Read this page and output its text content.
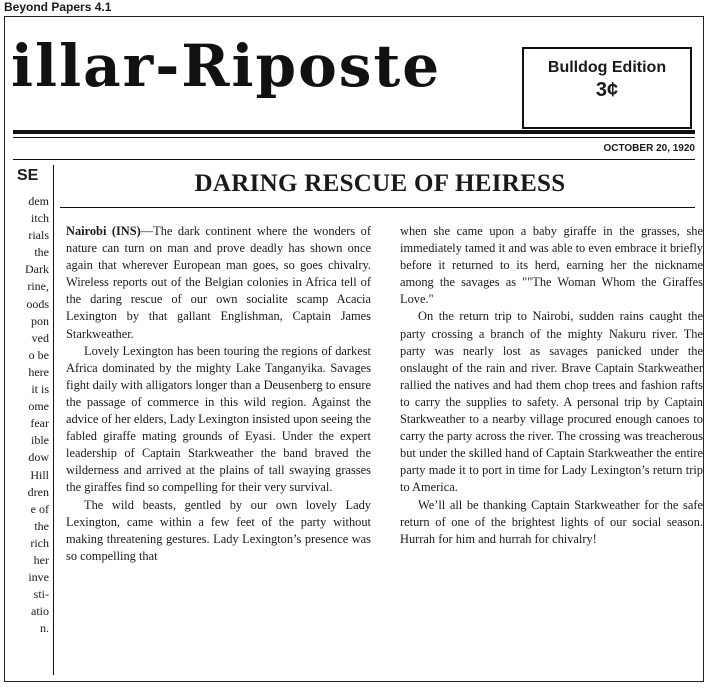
Beyond Papers 4.1
illar-Riposte	Bulldog Edition
3¢
OCTOBER 20, 1920
SE
dem
itch
rials
the
Dark
rine,
oods
pon
ved
o be
here
it is
ome
fear
ible
dow
Hill
dren
e of
the
rich
her
inve
sti-
atio
n.
DARING RESCUE OF HEIRESS

Nairobi (INS)—The dark continent where the wonders of nature can turn on man and prove deadly has shown once again that wherever European man goes, so goes chivalry. Wireless reports out of the Belgian colonies in Africa tell of the daring rescue of our own socialite scamp Acacia Lexington by that gallant Englishman, Captain James Starkweather.

Lovely Lexington has been touring the regions of darkest Africa dominated by the mighty Lake Tanganyika. Savages fight daily with alligators longer than a Deusenberg to ensure the passage of commerce in this wild region. Against the advice of her elders, Lady Lexington insisted upon seeing the fabled giraffe mating grounds of Eyasi. Under the expert leadership of Captain Starkweather the band braved the wilderness and arrived at the plains of tall swaying grasses the giraffes find so compelling for their very survival.

The wild beasts, gentled by our own lovely Lady Lexington, came within a few feet of the party without making threatening gestures. Lady Lexington’s presence was so compelling that

when she came upon a baby giraffe in the grasses, she immediately tamed it and was able to even embrace it briefly before it returned to its herd, earning her the nickname among the savages as ""The Woman Whom the Giraffes Love."

On the return trip to Nairobi, sudden rains caught the party crossing a branch of the mighty Nakuru river. The party was nearly lost as savages panicked under the onslaught of the rain and river. Brave Captain Starkweather rallied the natives and had them chop trees and fashion rafts to carry the supplies to safety. A personal trip by Captain Starkweather to a nearby village procured enough canoes to carry the party across the river. The crossing was treacherous but under the skilled hand of Captain Starkweather the entire party made it to port in time for Lady Lexington’s return trip to America.

We’ll all be thanking Captain Starkweather for the safe return of one of the brightest lights of our social season. Hurrah for him and hurrah for chivalry!
